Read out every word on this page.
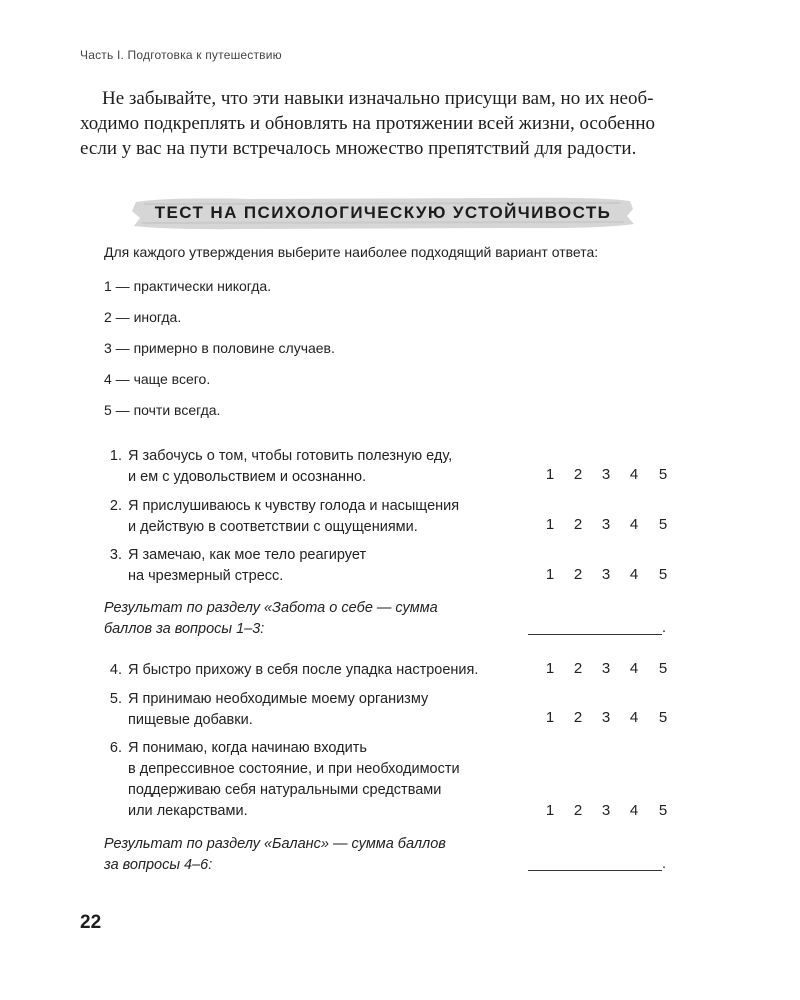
Часть I. Подготовка к путешествию

Не забывайте, что эти навыки изначально присущи вам, но их необ-
ходимо подкреплять и обновлять на протяжении всей жизни, особенно
если у вас на пути встречалось множество препятствий для радости.

ТЕСТ НА ПСИХОЛОГИЧЕСКУЮ УСТОЙЧИВОСТЬ
Для каждого утверждения выберите наиболее подходящий вариант ответа:
1 — практически никогда.
2 — иногда.
3 — примерно в половине случаев.
4 — чаще всего.
5 — почти всегда.
1. Я забочусь о том, чтобы готовить полезную еду,
и ем с удовольствием и осознанно.	1 2 3 4 5
2. Я прислушиваюсь к чувству голода и насыщения
и действую в соответствии с ощущениями.	1 2 3 4 5
3. Я замечаю, как мое тело реагирует
на чрезмерный стресс.	1 2 3 4 5
Результат по разделу «Забота о себе — сумма
баллов за вопросы 1–3:	.
4. Я быстро прихожу в себя после упадка настроения.	1 2 3 4 5
5. Я принимаю необходимые моему организму
пищевые добавки.	1 2 3 4 5
6. Я понимаю, когда начинаю входить
в депрессивное состояние, и при необходимости
поддерживаю себя натуральными средствами
или лекарствами.	1 2 3 4 5
Результат по разделу «Баланс» — сумма баллов
за вопросы 4–6:	.
22
